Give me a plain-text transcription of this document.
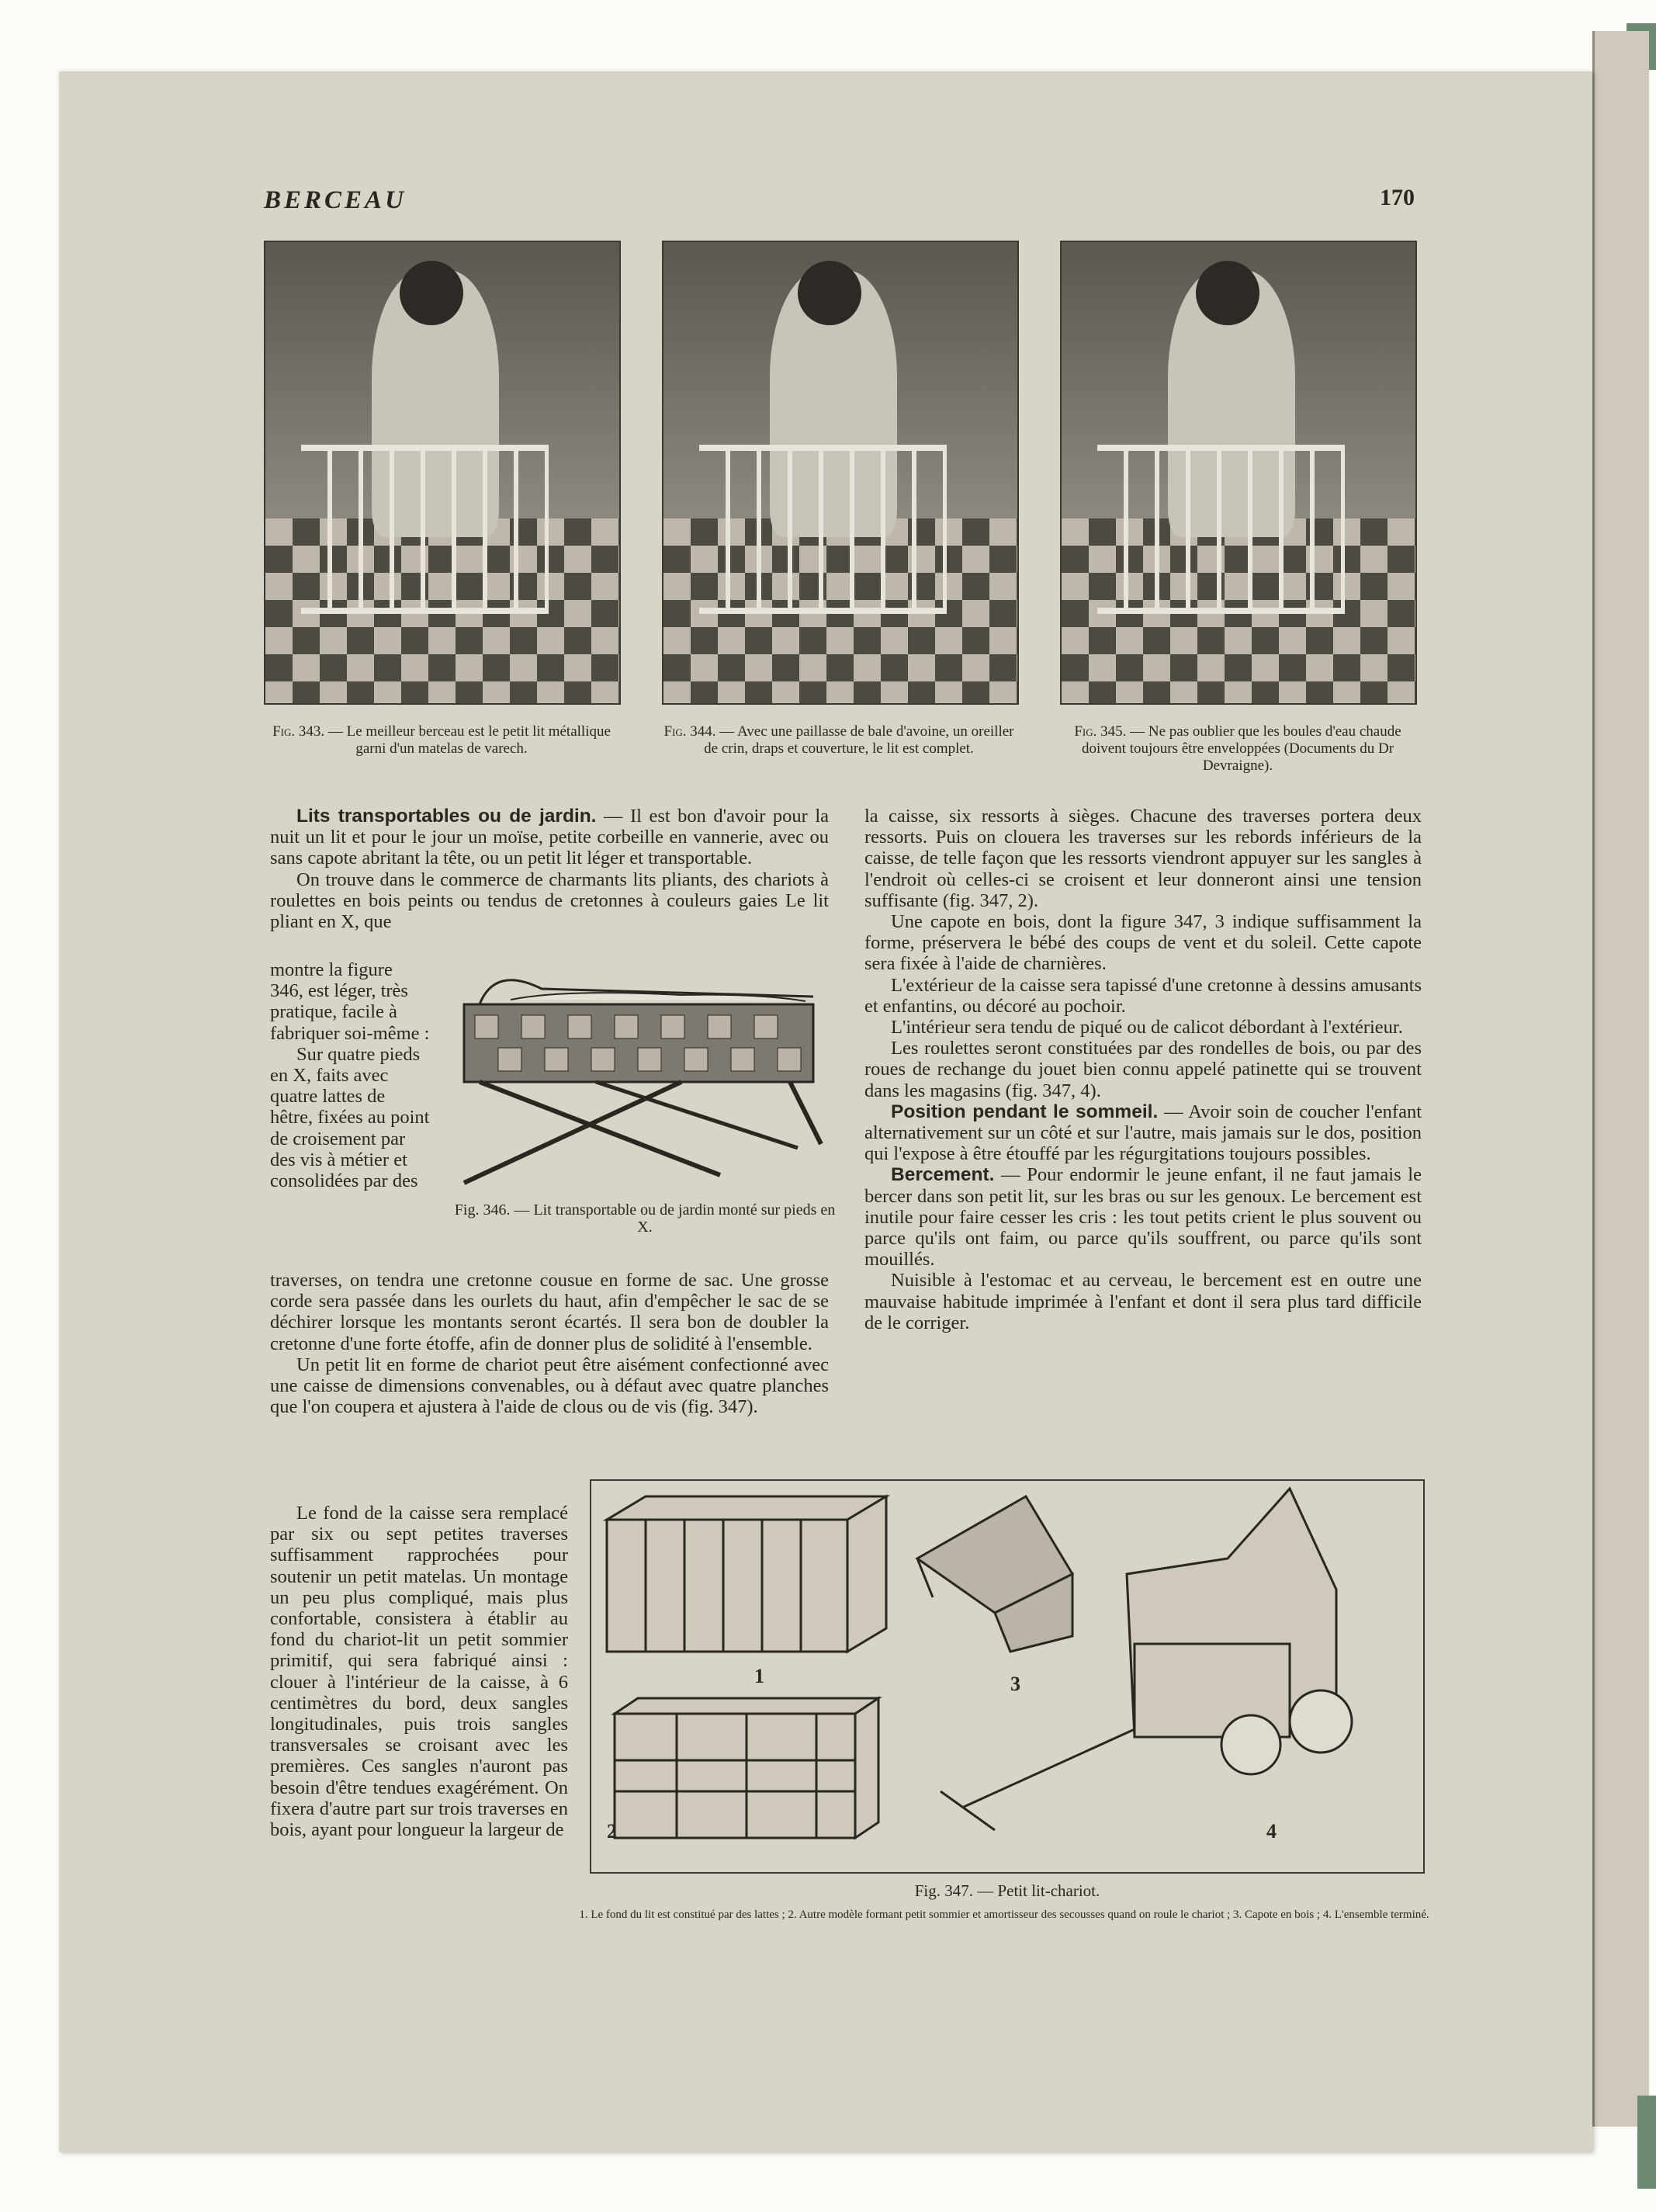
BERCEAU	170
Fig. 343. — Le meilleur berceau est le petit lit métallique garni d'un matelas de varech.
Fig. 344. — Avec une paillasse de bale d'avoine, un oreiller de crin, draps et couverture, le lit est complet.
Fig. 345. — Ne pas oublier que les boules d'eau chaude doivent toujours être enveloppées (Documents du Dr Devraigne).

Lits transportables ou de jardin. — Il est bon d'avoir pour la nuit un lit et pour le jour un moïse, petite corbeille en vannerie, avec ou sans capote abritant la tête, ou un petit lit léger et transportable.

On trouve dans le commerce de charmants lits pliants, des chariots à roulettes en bois peints ou tendus de cretonnes à couleurs gaies Le lit pliant en X, que

montre la figure 346, est léger, très pratique, facile à fabriquer soi-même :

Sur quatre pieds en X, faits avec quatre lattes de hêtre, fixées au point de croisement par des vis à métier et consolidées par des

traverses, on tendra une cretonne cousue en forme de sac. Une grosse corde sera passée dans les ourlets du haut, afin d'empêcher le sac de se déchirer lorsque les montants seront écartés. Il sera bon de doubler la cretonne d'une forte étoffe, afin de donner plus de solidité à l'ensemble.

Un petit lit en forme de chariot peut être aisément confectionné avec une caisse de dimensions convenables, ou à défaut avec quatre planches que l'on coupera et ajustera à l'aide de clous ou de vis (fig. 347).

Le fond de la caisse sera remplacé par six ou sept petites traverses suffisamment rapprochées pour soutenir un petit matelas. Un montage un peu plus compliqué, mais plus confortable, consistera à établir au fond du chariot-lit un petit sommier primitif, qui sera fabriqué ainsi : clouer à l'intérieur de la caisse, à 6 centimètres du bord, deux sangles longitudinales, puis trois sangles transversales se croisant avec les premières. Ces sangles n'auront pas besoin d'être tendues exagérément. On fixera d'autre part sur trois traverses en bois, ayant pour longueur la largeur de

Fig. 346. — Lit transportable ou de jardin monté sur pieds en X.

la caisse, six ressorts à sièges. Chacune des traverses portera deux ressorts. Puis on clouera les traverses sur les rebords inférieurs de la caisse, de telle façon que les ressorts viendront appuyer sur les sangles à l'endroit où celles-ci se croisent et leur donneront ainsi une tension suffisante (fig. 347, 2).

Une capote en bois, dont la figure 347, 3 indique suffisamment la forme, préservera le bébé des coups de vent et du soleil. Cette capote sera fixée à l'aide de charnières.

L'extérieur de la caisse sera tapissé d'une cretonne à dessins amusants et enfantins, ou décoré au pochoir.

L'intérieur sera tendu de piqué ou de calicot débordant à l'extérieur.

Les roulettes seront constituées par des rondelles de bois, ou par des roues de rechange du jouet bien connu appelé patinette qui se trouvent dans les magasins (fig. 347, 4).

Position pendant le sommeil. — Avoir soin de coucher l'enfant alternativement sur un côté et sur l'autre, mais jamais sur le dos, position qui l'expose à être étouffé par les régurgitations toujours possibles.

Bercement. — Pour endormir le jeune enfant, il ne faut jamais le bercer dans son petit lit, sur les bras ou sur les genoux. Le bercement est inutile pour faire cesser les cris : les tout petits crient le plus souvent ou parce qu'ils ont faim, ou parce qu'ils souffrent, ou parce qu'ils sont mouillés.

Nuisible à l'estomac et au cerveau, le bercement est en outre une mauvaise habitude imprimée à l'enfant et dont il sera plus tard difficile de le corriger.

1
2
3
4
Fig. 347. — Petit lit-chariot.
1. Le fond du lit est constitué par des lattes ; 2. Autre modèle formant petit sommier et amortisseur des secousses quand on roule le chariot ; 3. Capote en bois ; 4. L'ensemble terminé.
